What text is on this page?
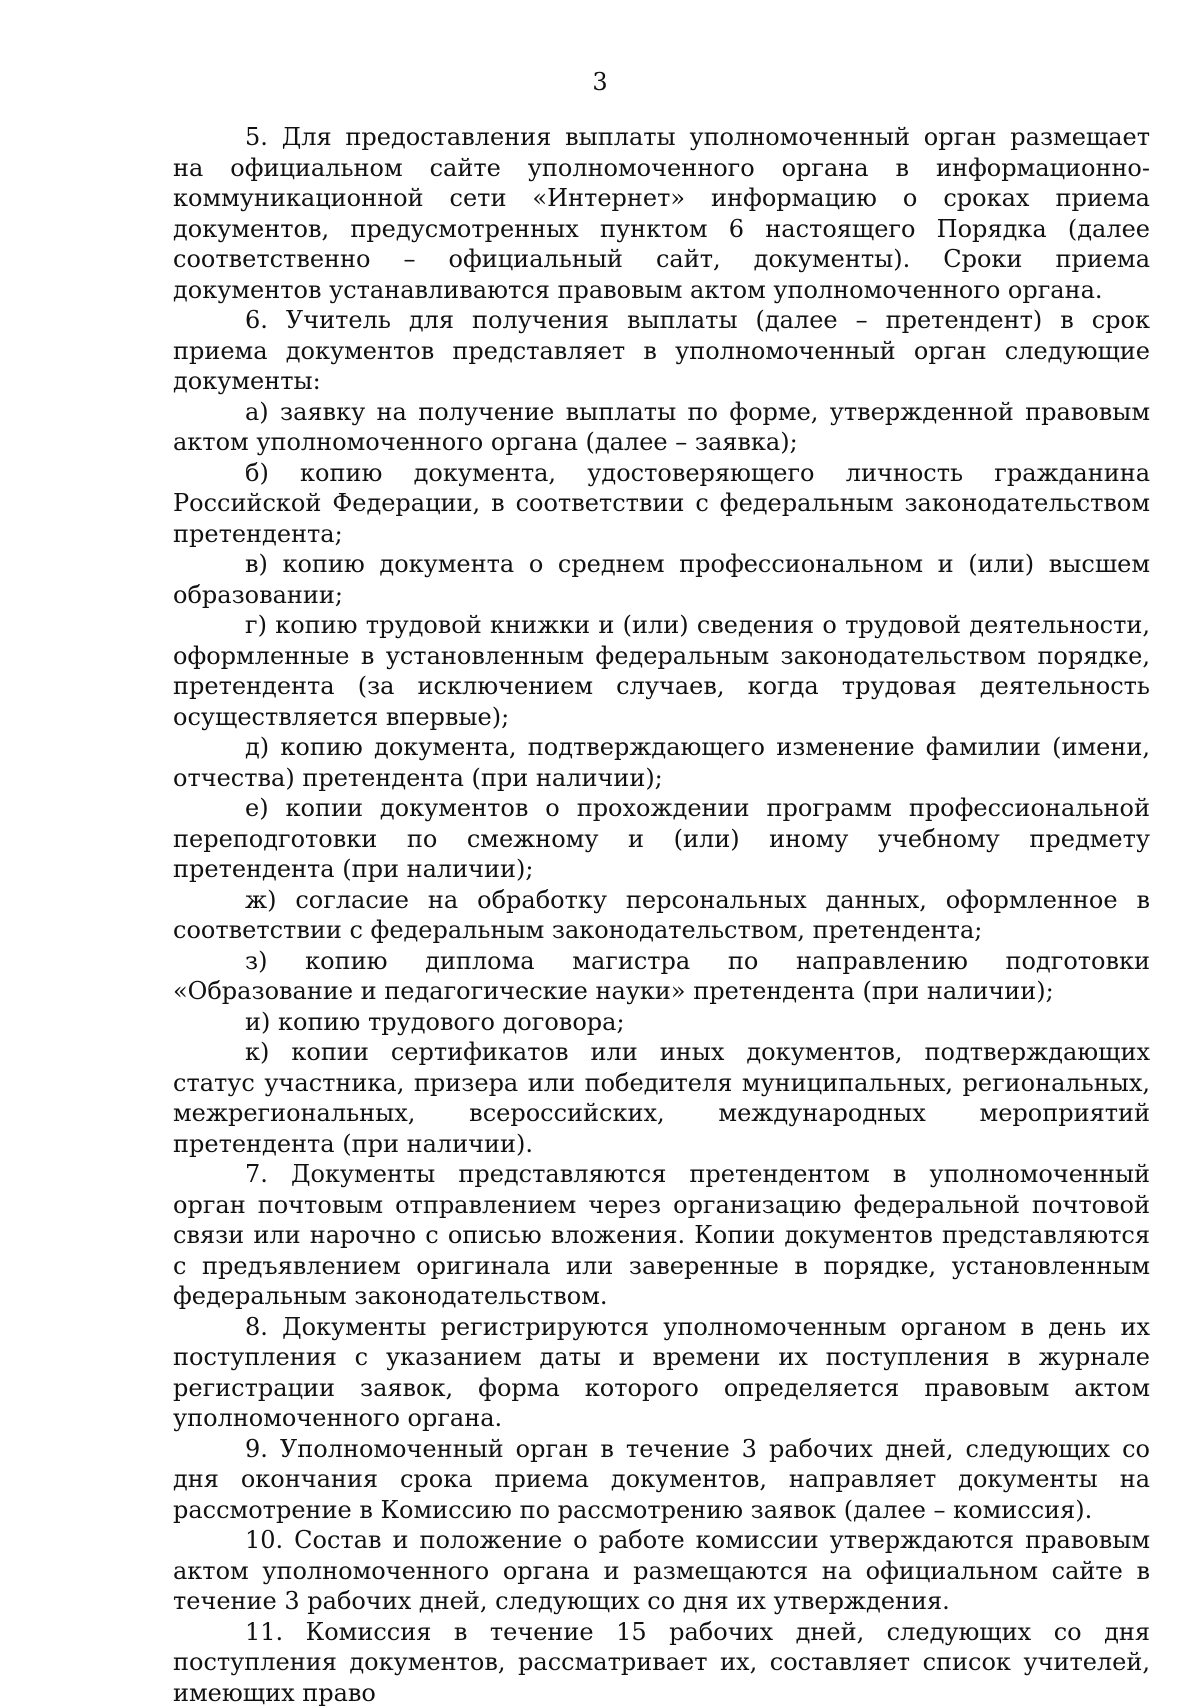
3

5. Для предоставления выплаты уполномоченный орган размещает на официальном сайте уполномоченного органа в информационно-коммуникационной сети «Интернет» информацию о сроках приема документов, предусмотренных пунктом 6 настоящего Порядка (далее соответственно – официальный сайт, документы). Сроки приема документов устанавливаются правовым актом уполномоченного органа.

6. Учитель для получения выплаты (далее – претендент) в срок приема документов представляет в уполномоченный орган следующие документы:

а) заявку на получение выплаты по форме, утвержденной правовым актом уполномоченного органа (далее – заявка);

б) копию документа, удостоверяющего личность гражданина Российской Федерации, в соответствии с федеральным законодательством претендента;

в) копию документа о среднем профессиональном и (или) высшем образовании;

г) копию трудовой книжки и (или) сведения о трудовой деятельности, оформленные в установленным федеральным законодательством порядке, претендента (за исключением случаев, когда трудовая деятельность осуществляется впервые);

д) копию документа, подтверждающего изменение фамилии (имени, отчества) претендента (при наличии);

е) копии документов о прохождении программ профессиональной переподготовки по смежному и (или) иному учебному предмету претендента (при наличии);

ж) согласие на обработку персональных данных, оформленное в соответствии с федеральным законодательством, претендента;

з) копию диплома магистра по направлению подготовки «Образование и педагогические науки» претендента (при наличии);

и) копию трудового договора;

к) копии сертификатов или иных документов, подтверждающих статус участника, призера или победителя муниципальных, региональных, межрегиональных, всероссийских, международных мероприятий претендента (при наличии).

7. Документы представляются претендентом в уполномоченный орган почтовым отправлением через организацию федеральной почтовой связи или нарочно с описью вложения. Копии документов представляются с предъявлением оригинала или заверенные в порядке, установленным федеральным законодательством.

8. Документы регистрируются уполномоченным органом в день их поступления с указанием даты и времени их поступления в журнале регистрации заявок, форма которого определяется правовым актом уполномоченного органа.

9. Уполномоченный орган в течение 3 рабочих дней, следующих со дня окончания срока приема документов, направляет документы на рассмотрение в Комиссию по рассмотрению заявок (далее – комиссия).

10. Состав и положение о работе комиссии утверждаются правовым актом уполномоченного органа и размещаются на официальном сайте в течение 3 рабочих дней, следующих со дня их утверждения.

11. Комиссия в течение 15 рабочих дней, следующих со дня поступления документов, рассматривает их, составляет список учителей, имеющих право
